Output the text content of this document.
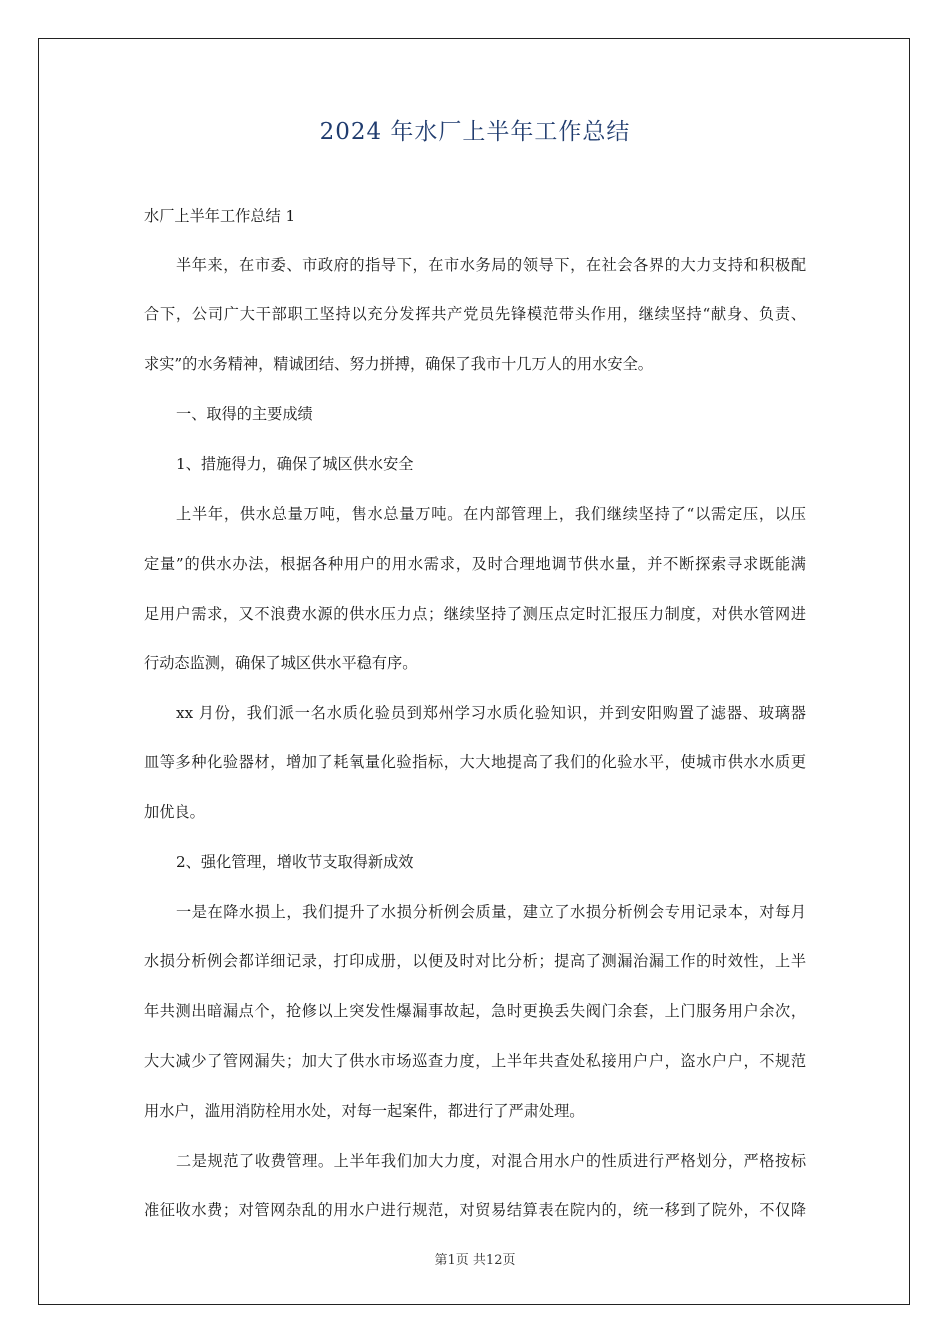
2024 年水厂上半年工作总结
水厂上半年工作总结 1
半年来，在市委、市政府的指导下，在市水务局的领导下，在社会各界的大力支持和积极配
合下，公司广大干部职工坚持以充分发挥共产党员先锋模范带头作用，继续坚持“献身、负责、
求实”的水务精神，精诚团结、努力拼搏，确保了我市十几万人的用水安全。
一、取得的主要成绩
1、措施得力，确保了城区供水安全
上半年，供水总量万吨，售水总量万吨。在内部管理上，我们继续坚持了“以需定压，以压
定量”的供水办法，根据各种用户的用水需求，及时合理地调节供水量，并不断探索寻求既能满
足用户需求，又不浪费水源的供水压力点；继续坚持了测压点定时汇报压力制度，对供水管网进
行动态监测，确保了城区供水平稳有序。
xx 月份，我们派一名水质化验员到郑州学习水质化验知识，并到安阳购置了滤器、玻璃器
皿等多种化验器材，增加了耗氧量化验指标，大大地提高了我们的化验水平，使城市供水水质更
加优良。
2、强化管理，增收节支取得新成效
一是在降水损上，我们提升了水损分析例会质量，建立了水损分析例会专用记录本，对每月
水损分析例会都详细记录，打印成册，以便及时对比分析；提高了测漏治漏工作的时效性，上半
年共测出暗漏点个，抢修以上突发性爆漏事故起，急时更换丢失阀门余套，上门服务用户余次，
大大减少了管网漏失；加大了供水市场巡查力度，上半年共查处私接用户户，盗水户户，不规范
用水户，滥用消防栓用水处，对每一起案件，都进行了严肃处理。
二是规范了收费管理。上半年我们加大力度，对混合用水户的性质进行严格划分，严格按标
准征收水费；对管网杂乱的用水户进行规范，对贸易结算表在院内的，统一移到了院外，不仅降
第1页 共12页
